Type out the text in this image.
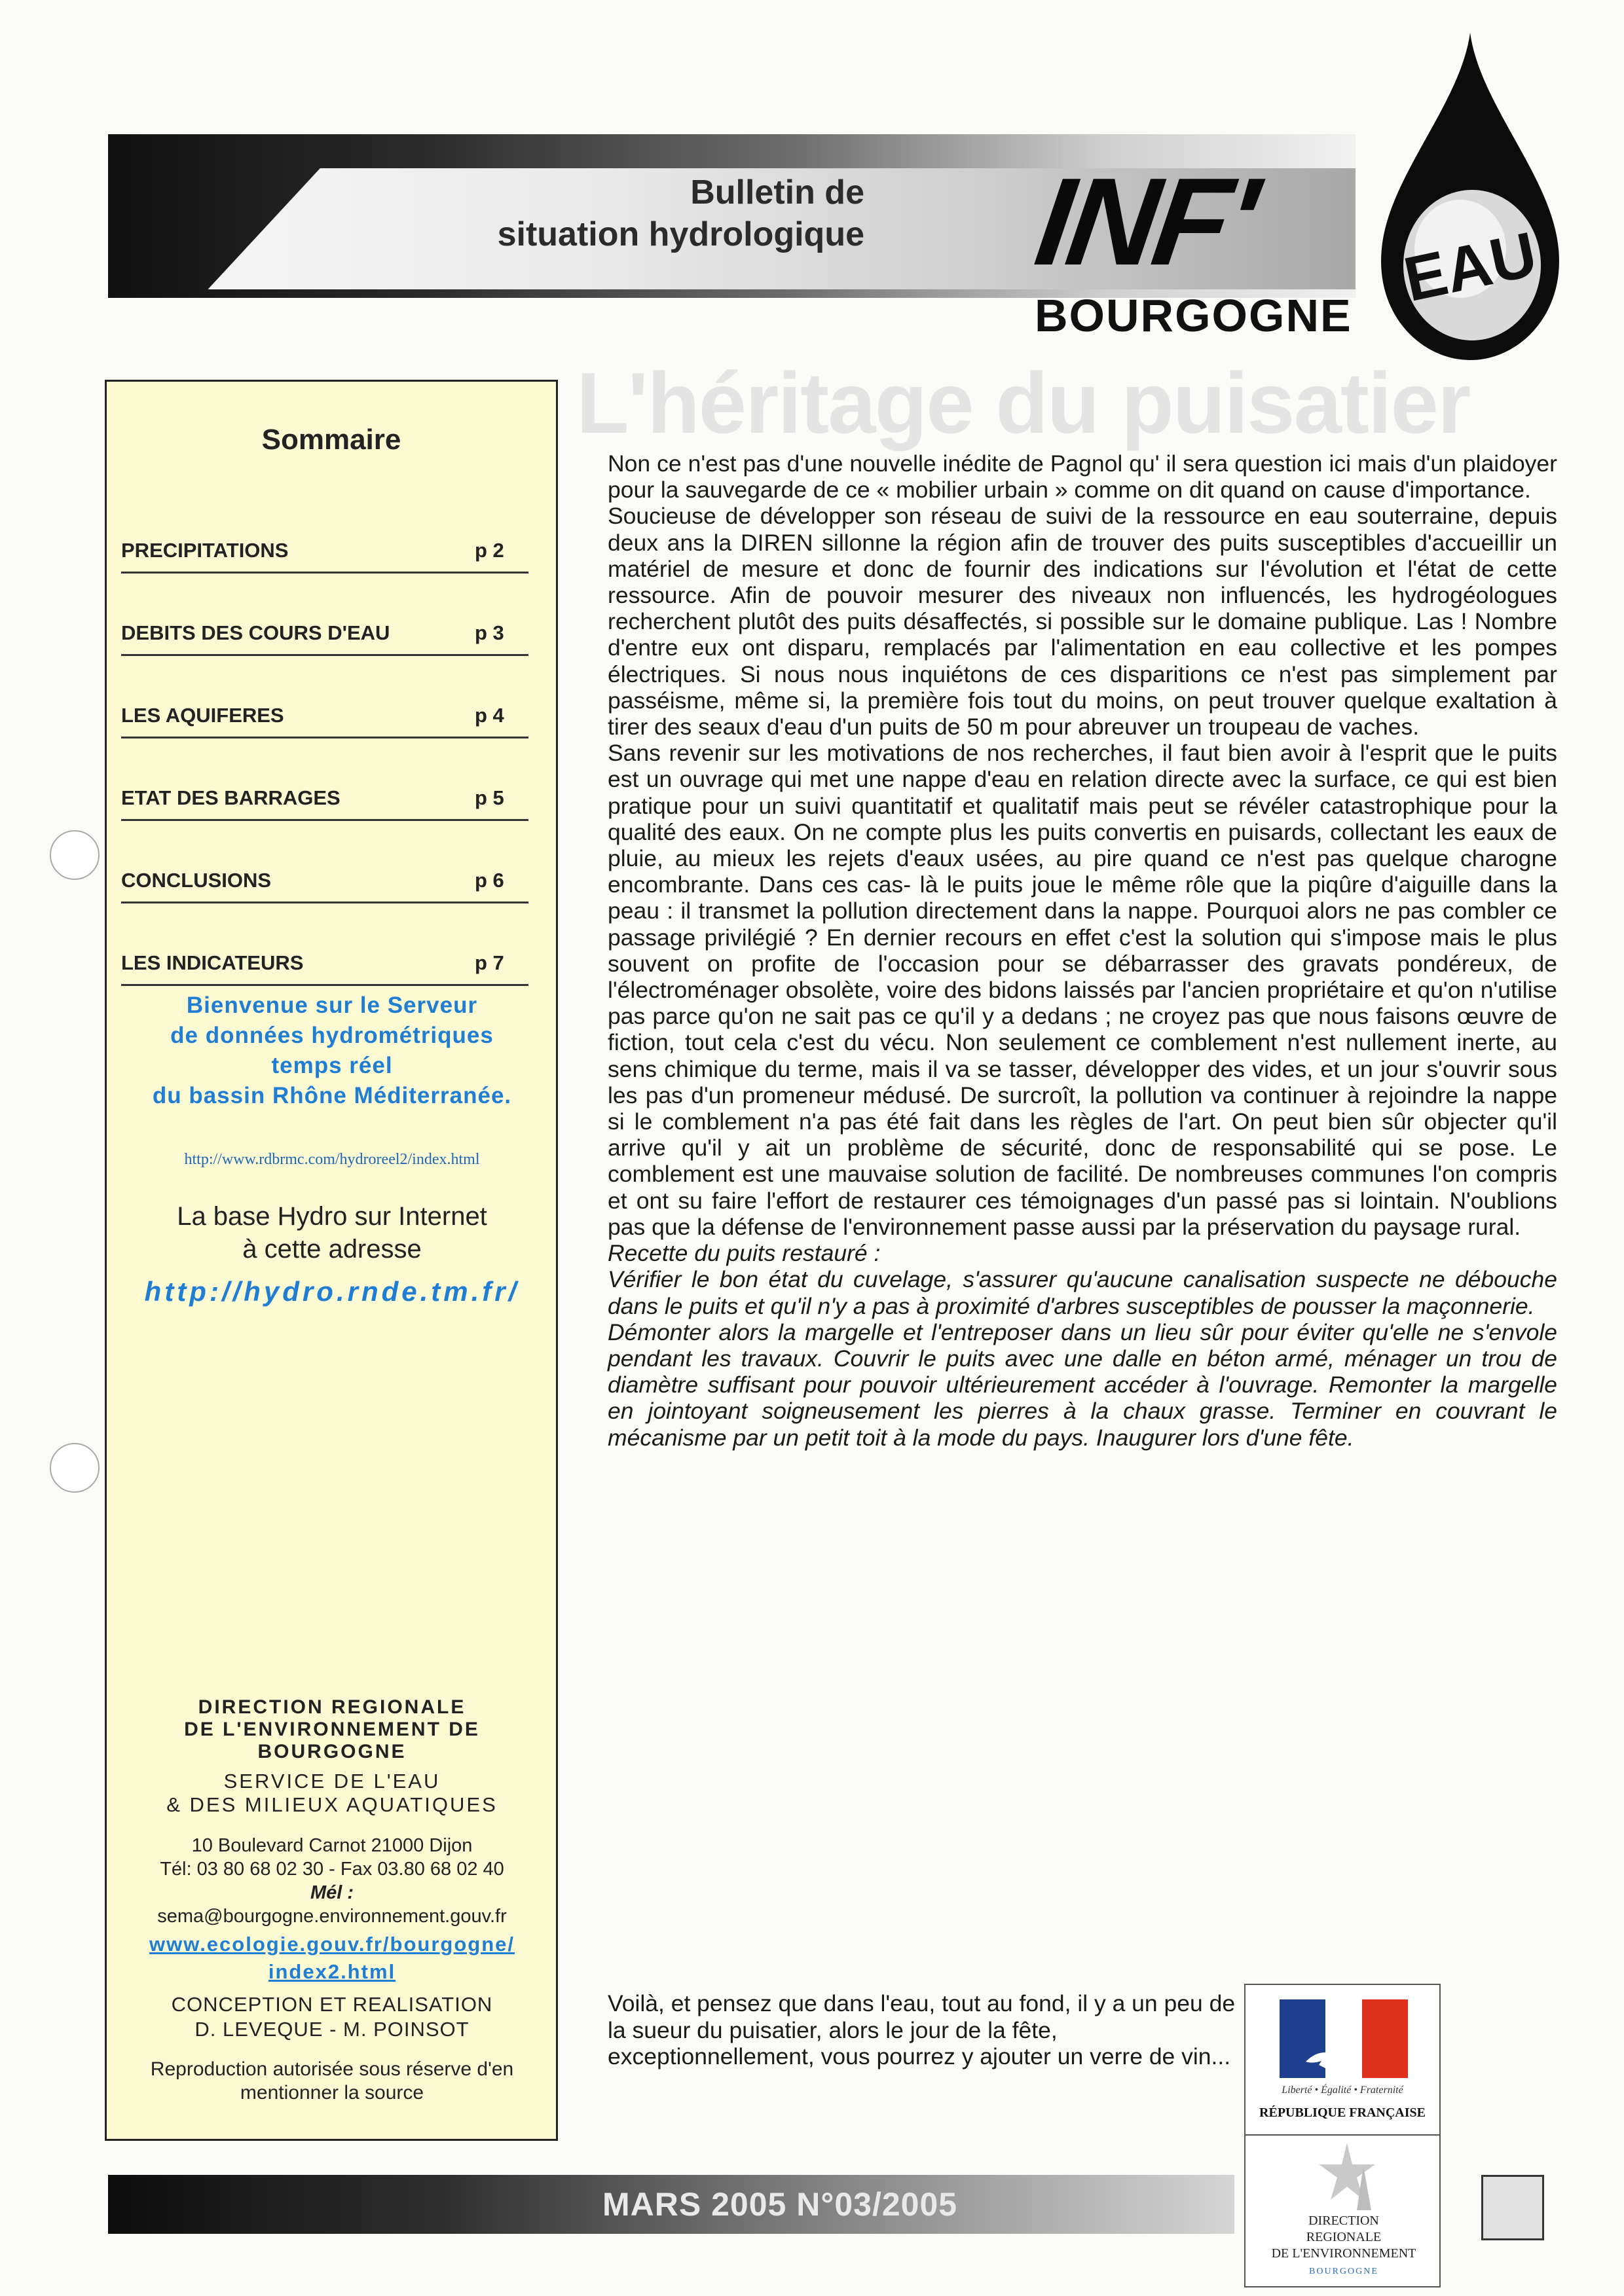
Bulletin de
situation hydrologique INF' EAU
BOURGOGNE
L'héritage du puisatier
Sommaire
PRECIPITATIONS	p 2
DEBITS DES COURS D'EAU	p 3
LES AQUIFERES	p 4
ETAT DES BARRAGES	p 5
CONCLUSIONS	p 6
LES INDICATEURS	p 7
Bienvenue sur le Serveur
de données hydrométriques
temps réel
du bassin Rhône Méditerranée.
http://www.rdbrmc.com/hydroreel2/index.html
La base Hydro sur Internet
à cette adresse
http://hydro.rnde.tm.fr/
DIRECTION REGIONALE
DE L'ENVIRONNEMENT DE
BOURGOGNE
SERVICE DE L'EAU
& DES MILIEUX AQUATIQUES
10 Boulevard Carnot 21000 Dijon
Tél: 03 80 68 02 30 - Fax 03.80 68 02 40
Mél :
sema@bourgogne.environnement.gouv.fr
www.ecologie.gouv.fr/bourgogne/
index2.html
CONCEPTION ET REALISATION
D. LEVEQUE - M. POINSOT
Reproduction autorisée sous réserve d'en
mentionner la source

Non ce n'est pas d'une nouvelle inédite de Pagnol qu' il sera question ici mais d'un plaidoyer pour la sauvegarde de ce « mobilier urbain » comme on dit quand on cause d'importance.

Soucieuse de développer son réseau de suivi de la ressource en eau souterraine, depuis deux ans la DIREN sillonne la région afin de trouver des puits susceptibles d'accueillir un matériel de mesure et donc de fournir des indications sur l'évolution et l'état de cette ressource. Afin de pouvoir mesurer des niveaux non influencés, les hydrogéologues recherchent plutôt des puits désaffectés, si possible sur le domaine publique. Las ! Nombre d'entre eux ont disparu, remplacés par l'alimentation en eau collective et les pompes électriques. Si nous nous inquiétons de ces disparitions ce n'est pas simplement par passéisme, même si, la première fois tout du moins, on peut trouver quelque exaltation à tirer des seaux d'eau d'un puits de 50 m pour abreuver un troupeau de vaches.

Sans revenir sur les motivations de nos recherches, il faut bien avoir à l'esprit que le puits est un ouvrage qui met une nappe d'eau en relation directe avec la surface, ce qui est bien pratique pour un suivi quantitatif et qualitatif mais peut se révéler catastrophique pour la qualité des eaux. On ne compte plus les puits convertis en puisards, collectant les eaux de pluie, au mieux les rejets d'eaux usées, au pire quand ce n'est pas quelque charogne encombrante. Dans ces cas- là le puits joue le même rôle que la piqûre d'aiguille dans la peau : il transmet la pollution directement dans la nappe. Pourquoi alors ne pas combler ce passage privilégié ? En dernier recours en effet c'est la solution qui s'impose mais le plus souvent on profite de l'occasion pour se débarrasser des gravats pondéreux, de l'électroménager obsolète, voire des bidons laissés par l'ancien propriétaire et qu'on n'utilise pas parce qu'on ne sait pas ce qu'il y a dedans ; ne croyez pas que nous faisons œuvre de fiction, tout cela c'est du vécu. Non seulement ce comblement n'est nullement inerte, au sens chimique du terme, mais il va se tasser, développer des vides, et un jour s'ouvrir sous les pas d'un promeneur médusé. De surcroît, la pollution va continuer à rejoindre la nappe si le comblement n'a pas été fait dans les règles de l'art. On peut bien sûr objecter qu'il arrive qu'il y ait un problème de sécurité, donc de responsabilité qui se pose. Le comblement est une mauvaise solution de facilité. De nombreuses communes l'on compris et ont su faire l'effort de restaurer ces témoignages d'un passé pas si lointain. N'oublions pas que la défense de l'environnement passe aussi par la préservation du paysage rural.

Recette du puits restauré :

Vérifier le bon état du cuvelage, s'assurer qu'aucune canalisation suspecte ne débouche dans le puits et qu'il n'y a pas à proximité d'arbres susceptibles de pousser la maçonnerie.

Démonter alors la margelle et l'entreposer dans un lieu sûr pour éviter qu'elle ne s'envole pendant les travaux. Couvrir le puits avec une dalle en béton armé, ménager un trou de diamètre suffisant pour pouvoir ultérieurement accéder à l'ouvrage. Remonter la margelle en jointoyant soigneusement les pierres à la chaux grasse. Terminer en couvrant le mécanisme par un petit toit à la mode du pays. Inaugurer lors d'une fête.

Voilà, et pensez que dans l'eau, tout au fond, il y a un peu de la sueur du puisatier, alors le jour de la fête, exceptionnellement, vous pourrez y ajouter un verre de vin...
Liberté • Égalité • Fraternité
RÉPUBLIQUE FRANÇAISE
DIRECTION
REGIONALE
DE L'ENVIRONNEMENT
BOURGOGNE
MARS 2005 N°03/2005
